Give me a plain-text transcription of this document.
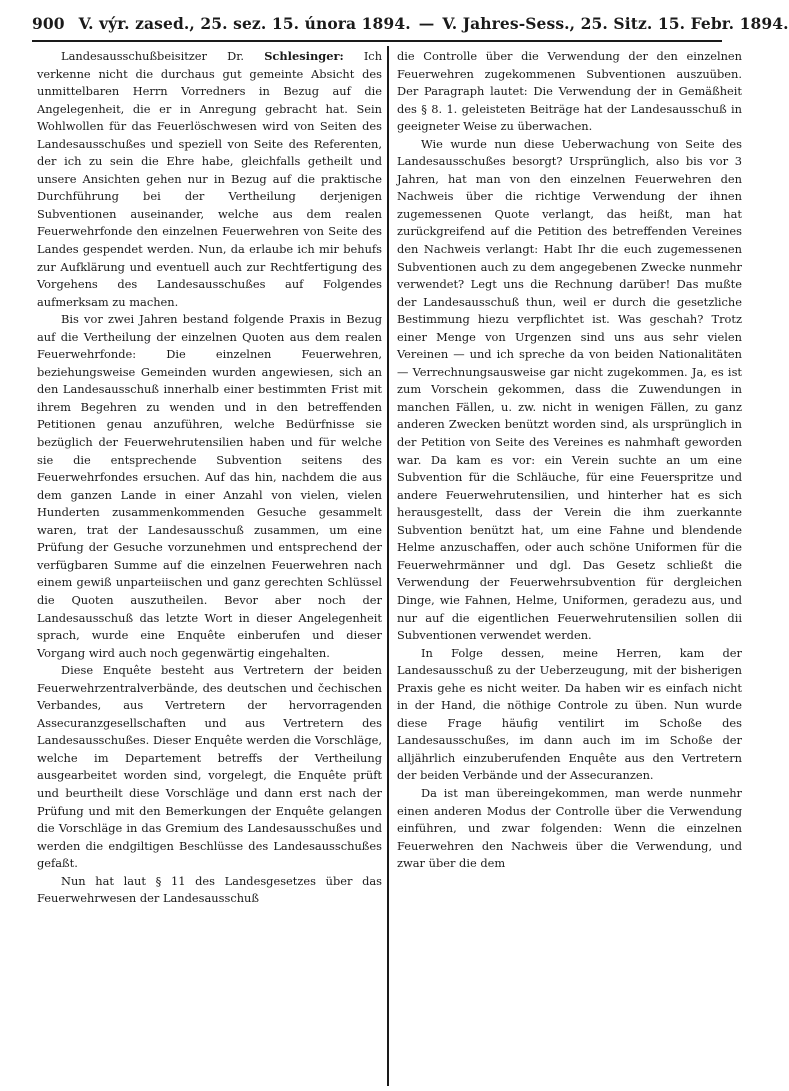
900 V. výr. zased., 25. sez. 15. února 1894. — V. Jahres-Sess., 25. Sitz. 15. Febr. 1894.

Landesausschußbeisitzer Dr. Schlesinger: Ich verkenne nicht die durchaus gut gemeinte Absicht des unmittelbaren Herrn Vorredners in Bezug auf die Angelegenheit, die er in Anregung gebracht hat. Sein Wohlwollen für das Feuerlöschwesen wird von Seiten des Landesausschußes und speziell von Seite des Referenten, der ich zu sein die Ehre habe, gleichfalls getheilt und unsere Ansichten gehen nur in Bezug auf die praktische Durchführung bei der Vertheilung derjenigen Subventionen auseinander, welche aus dem realen Feuerwehrfonde den einzelnen Feuerwehren von Seite des Landes gespendet werden. Nun, da erlaube ich mir behufs zur Aufklärung und eventuell auch zur Rechtfertigung des Vorgehens des Landesausschußes auf Folgendes aufmerksam zu machen.

Bis vor zwei Jahren bestand folgende Praxis in Bezug auf die Vertheilung der einzelnen Quoten aus dem realen Feuerwehrfonde: Die einzelnen Feuerwehren, beziehungsweise Gemeinden wurden angewiesen, sich an den Landesausschuß innerhalb einer bestimmten Frist mit ihrem Begehren zu wenden und in den betreffenden Petitionen genau anzuführen, welche Bedürfnisse sie bezüglich der Feuerwehrutensilien haben und für welche sie die entsprechende Subvention seitens des Feuerwehrfondes ersuchen. Auf das hin, nachdem die aus dem ganzen Lande in einer Anzahl von vielen, vielen Hunderten zusammenkommenden Gesuche gesammelt waren, trat der Landesausschuß zusammen, um eine Prüfung der Gesuche vorzunehmen und entsprechend der verfügbaren Summe auf die einzelnen Feuerwehren nach einem gewiß unparteiischen und ganz gerechten Schlüssel die Quoten auszutheilen. Bevor aber noch der Landesausschuß das letzte Wort in dieser Angelegenheit sprach, wurde eine Enquête einberufen und dieser Vorgang wird auch noch gegenwärtig eingehalten.

Diese Enquête besteht aus Vertretern der beiden Feuerwehrzentralverbände, des deutschen und čechischen Verbandes, aus Vertretern der hervorragenden Assecuranzgesellschaften und aus Vertretern des Landesausschußes. Dieser Enquête werden die Vorschläge, welche im Departement betreffs der Vertheilung ausgearbeitet worden sind, vorgelegt, die Enquête prüft und beurtheilt diese Vorschläge und dann erst nach der Prüfung und mit den Bemerkungen der Enquête gelangen die Vorschläge in das Gremium des Landesausschußes und werden die endgiltigen Beschlüsse des Landesausschußes gefaßt.

Nun hat laut § 11 des Landesgesetzes über das Feuerwehrwesen der Landesausschuß

die Controlle über die Verwendung der den einzelnen Feuerwehren zugekommenen Subventionen auszuüben. Der Paragraph lautet: Die Verwendung der in Gemäßheit des § 8. 1. geleisteten Beiträge hat der Landesausschuß in geeigneter Weise zu überwachen.

Wie wurde nun diese Ueberwachung von Seite des Landesausschußes besorgt? Ursprünglich, also bis vor 3 Jahren, hat man von den einzelnen Feuerwehren den Nachweis über die richtige Verwendung der ihnen zugemessenen Quote verlangt, das heißt, man hat zurückgreifend auf die Petition des betreffenden Vereines den Nachweis verlangt: Habt Ihr die euch zugemessenen Subventionen auch zu dem angegebenen Zwecke nunmehr verwendet? Legt uns die Rechnung darüber! Das mußte der Landesausschuß thun, weil er durch die gesetzliche Bestimmung hiezu verpflichtet ist. Was geschah? Trotz einer Menge von Urgenzen sind uns aus sehr vielen Vereinen — und ich spreche da von beiden Nationalitäten — Verrechnungsausweise gar nicht zugekommen. Ja, es ist zum Vorschein gekommen, dass die Zuwendungen in manchen Fällen, u. zw. nicht in wenigen Fällen, zu ganz anderen Zwecken benützt worden sind, als ursprünglich in der Petition von Seite des Vereines es nahmhaft geworden war. Da kam es vor: ein Verein suchte an um eine Subvention für die Schläuche, für eine Feuerspritze und andere Feuerwehrutensilien, und hinterher hat es sich herausgestellt, dass der Verein die ihm zuerkannte Subvention benützt hat, um eine Fahne und blendende Helme anzuschaffen, oder auch schöne Uniformen für die Feuerwehrmänner und dgl. Das Gesetz schließt die Verwendung der Feuerwehrsubvention für dergleichen Dinge, wie Fahnen, Helme, Uniformen, geradezu aus, und nur auf die eigentlichen Feuerwehrutensilien sollen dii Subventionen verwendet werden.

In Folge dessen, meine Herren, kam der Landesausschuß zu der Ueberzeugung, mit der bisherigen Praxis gehe es nicht weiter. Da haben wir es einfach nicht in der Hand, die nöthige Controle zu üben. Nun wurde diese Frage häufig ventilirt im Schoße des Landesausschußes, im dann auch im im Schoße der alljährlich einzuberufenden Enquête aus den Vertretern der beiden Verbände und der Assecuranzen.

Da ist man übereingekommen, man werde nunmehr einen anderen Modus der Controlle über die Verwendung einführen, und zwar folgenden: Wenn die einzelnen Feuerwehren den Nachweis über die Verwendung, und zwar über die dem
